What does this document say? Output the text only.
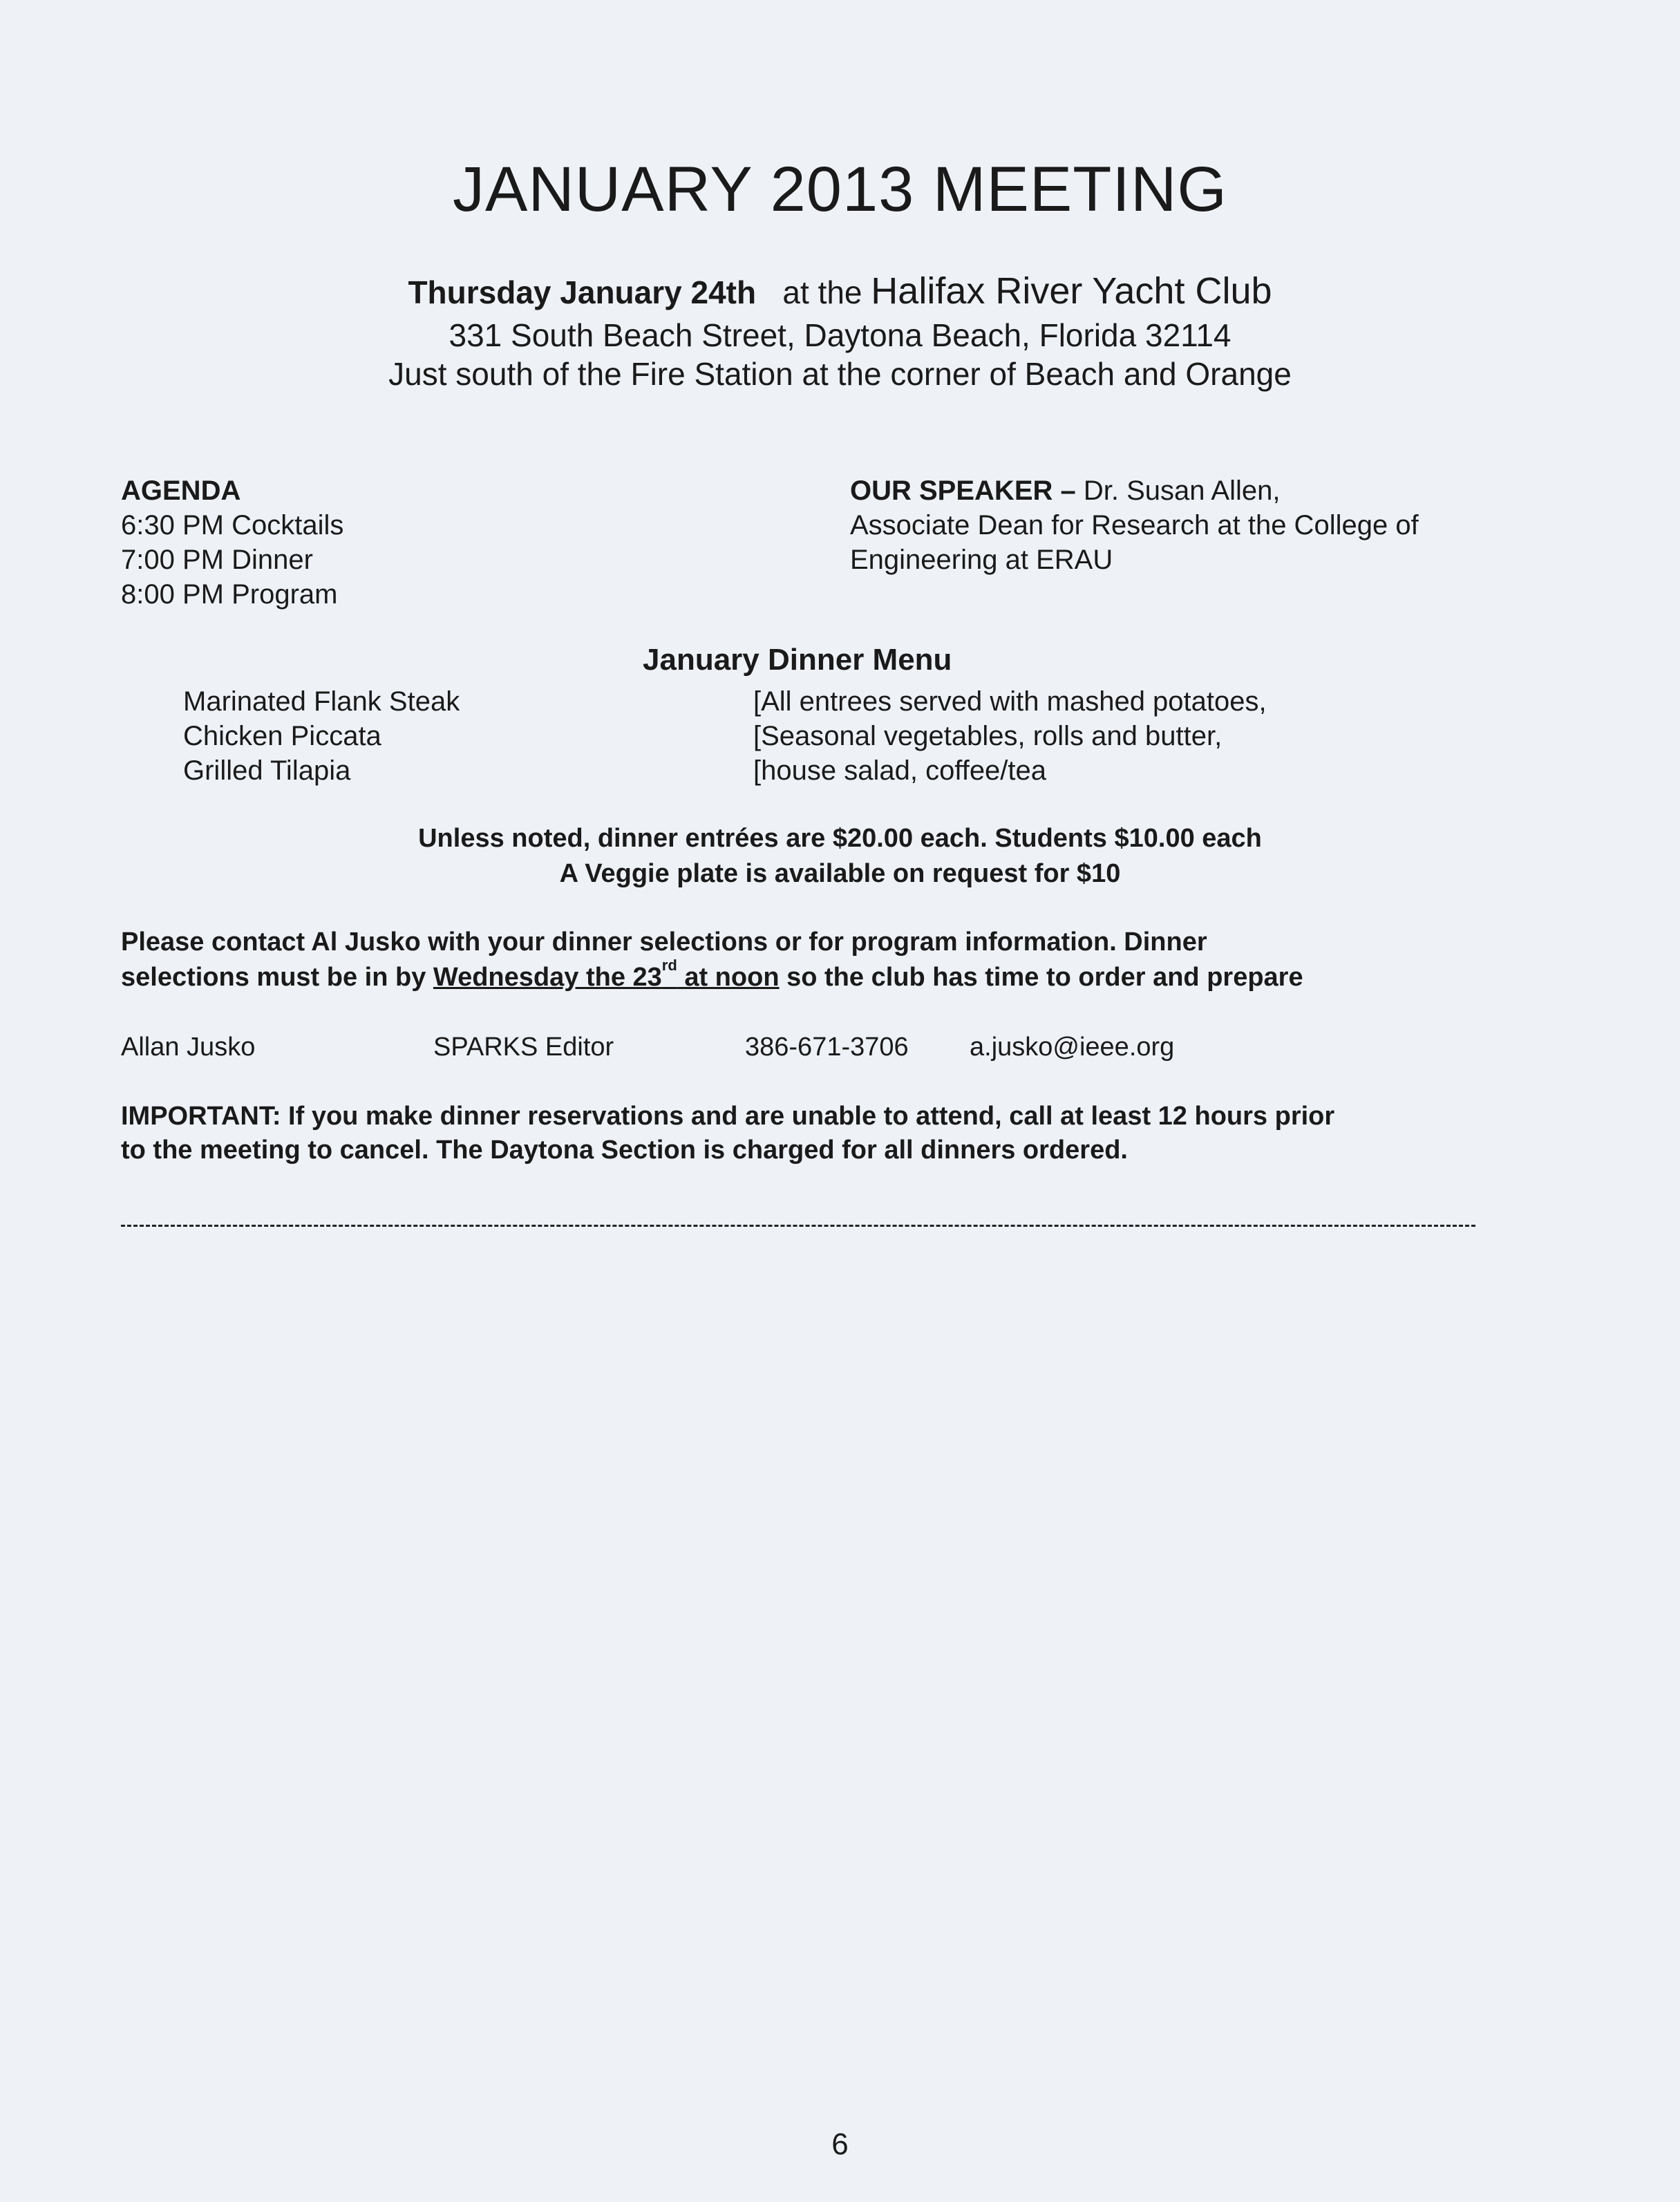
JANUARY 2013 MEETING
Thursday January 24th at the Halifax River Yacht Club
331 South Beach Street, Daytona Beach, Florida 32114
Just south of the Fire Station at the corner of Beach and Orange
AGENDA
6:30 PM Cocktails
7:00 PM Dinner
8:00 PM Program
OUR SPEAKER – Dr. Susan Allen,
Associate Dean for Research at the College of
Engineering at ERAU
January Dinner Menu
Marinated Flank Steak
Chicken Piccata
Grilled Tilapia
[All entrees served with mashed potatoes,
[Seasonal vegetables, rolls and butter,
[house salad, coffee/tea
Unless noted, dinner entrées are $20.00 each. Students $10.00 each
A Veggie plate is available on request for $10
Please contact Al Jusko with your dinner selections or for program information. Dinner
selections must be in by Wednesday the 23rd at noon so the club has time to order and prepare
Allan Jusko	SPARKS Editor	386-671-3706 a.jusko@ieee.org
IMPORTANT: If you make dinner reservations and are unable to attend, call at least 12 hours prior
to the meeting to cancel. The Daytona Section is charged for all dinners ordered.
6
